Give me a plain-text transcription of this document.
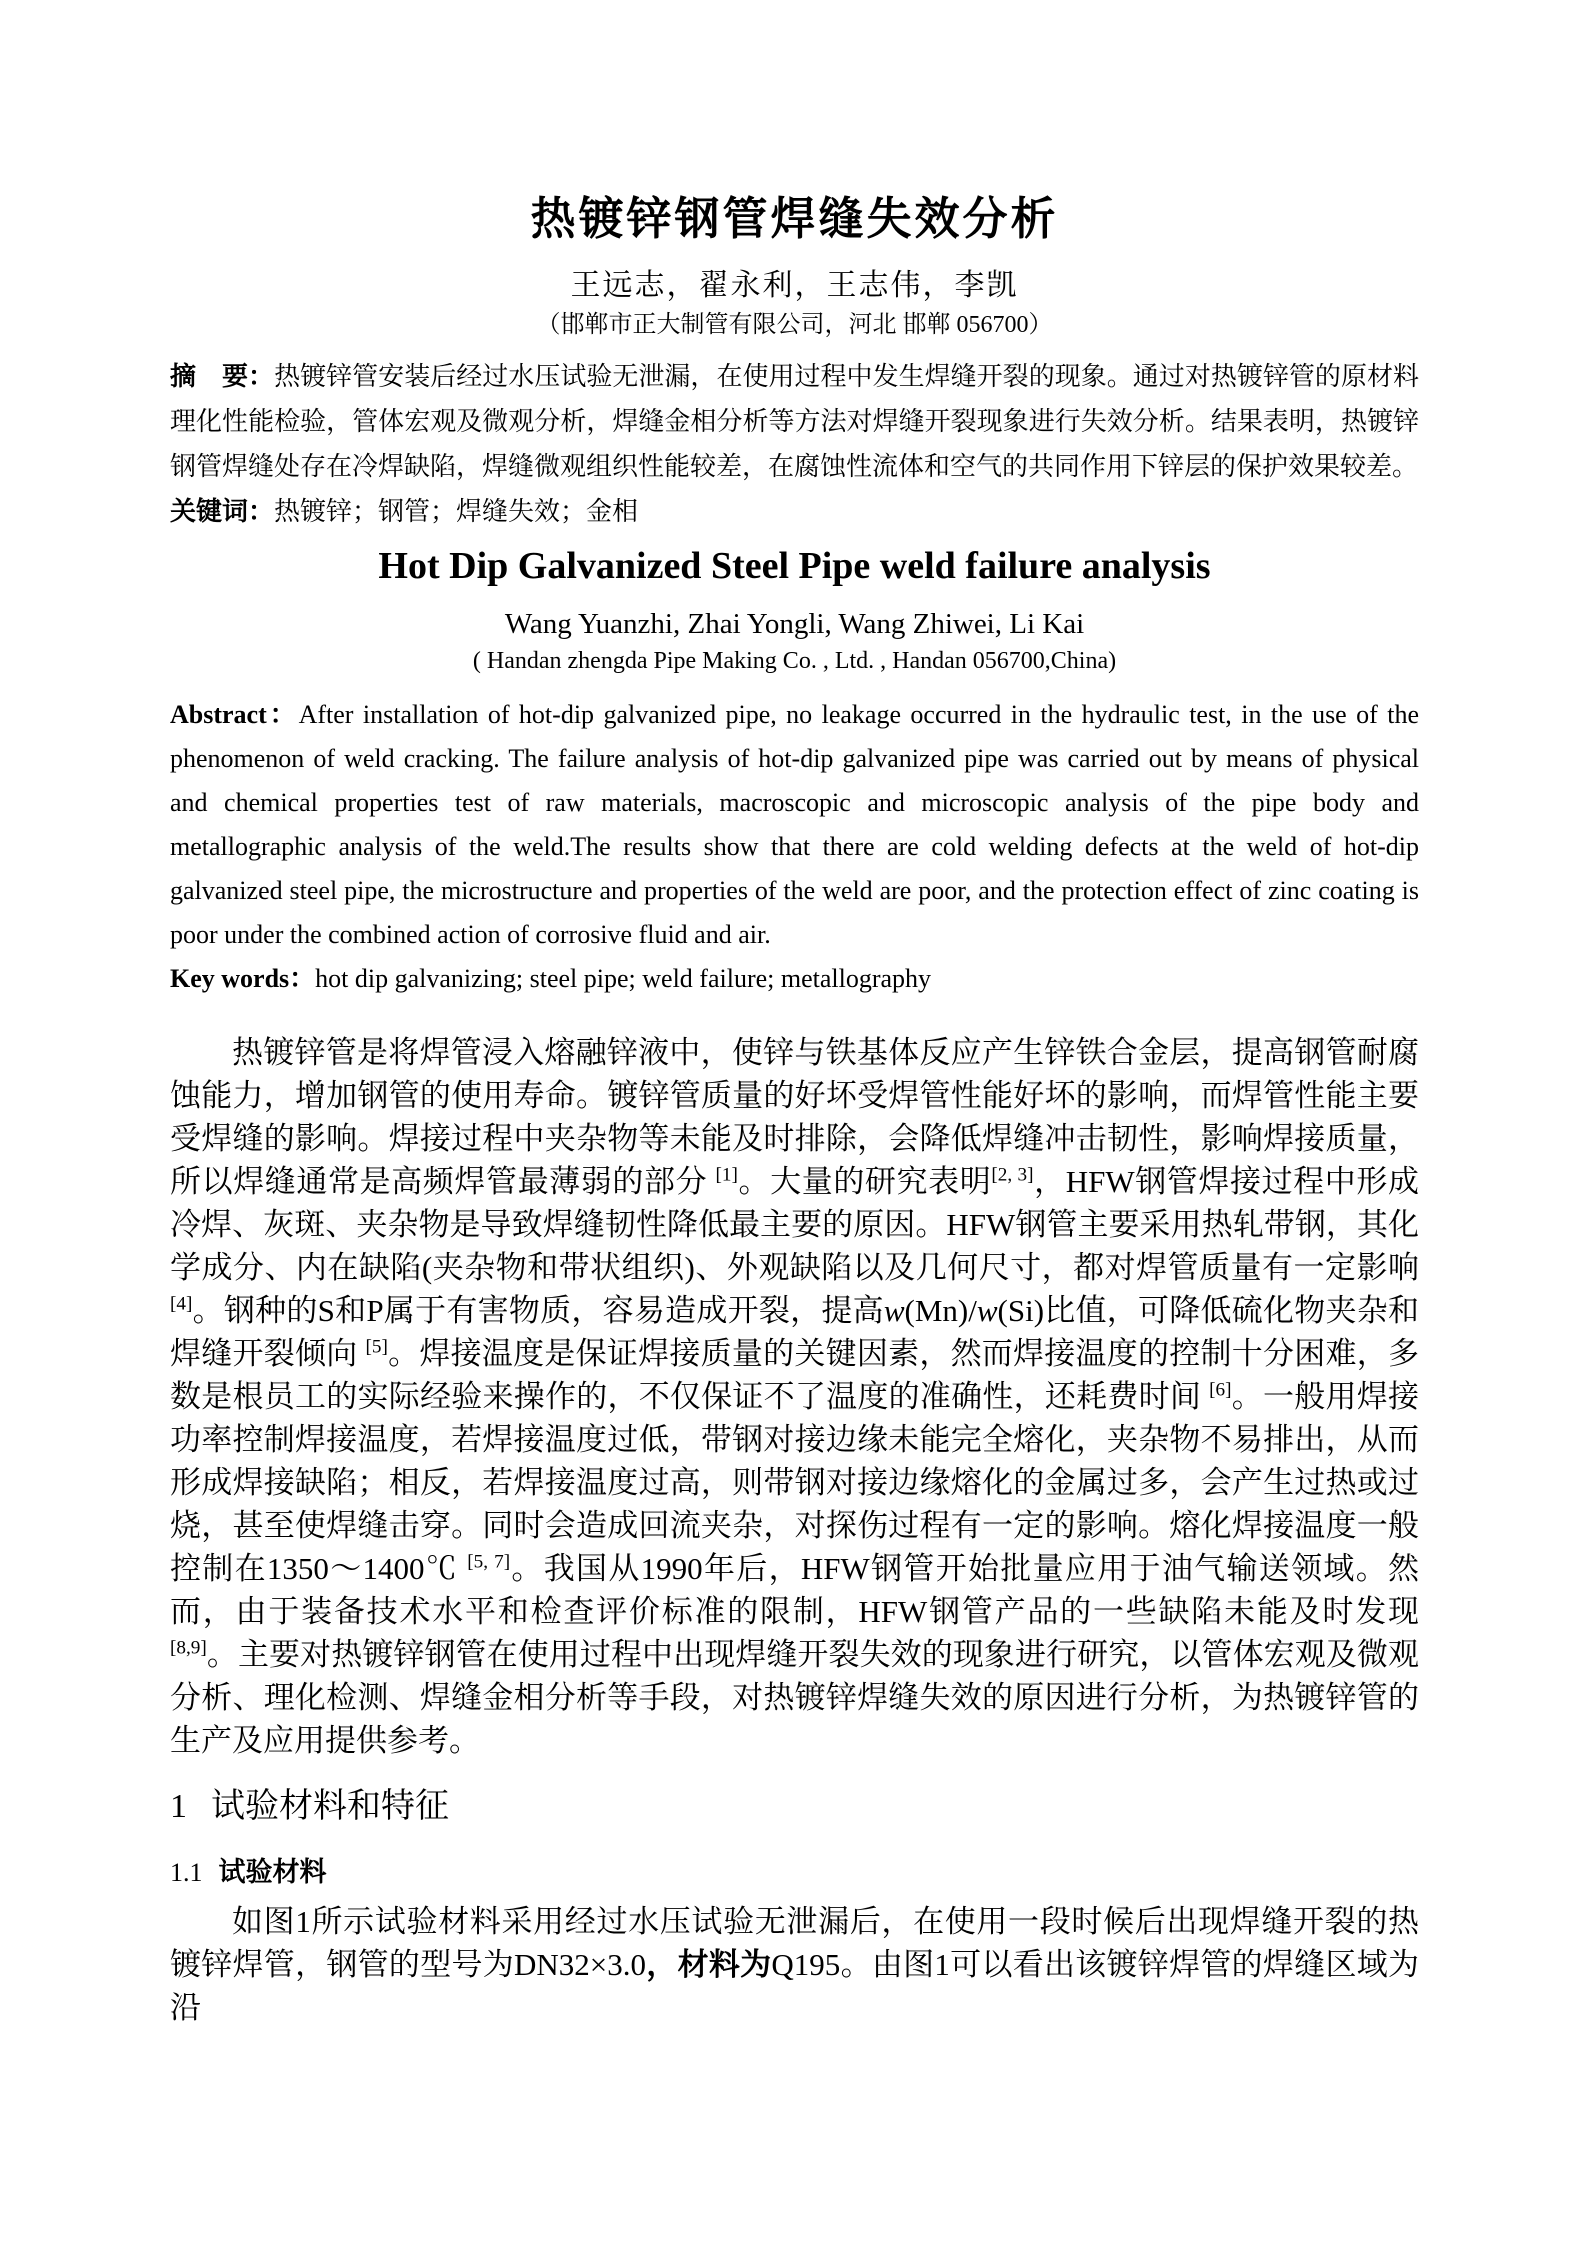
热镀锌钢管焊缝失效分析
王远志，翟永利，王志伟，李凯
（邯郸市正大制管有限公司，河北 邯郸 056700）

摘　要：热镀锌管安装后经过水压试验无泄漏，在使用过程中发生焊缝开裂的现象。通过对热镀锌管的原材料理化性能检验，管体宏观及微观分析，焊缝金相分析等方法对焊缝开裂现象进行失效分析。结果表明，热镀锌钢管焊缝处存在冷焊缺陷，焊缝微观组织性能较差，在腐蚀性流体和空气的共同作用下锌层的保护效果较差。

关键词：热镀锌；钢管；焊缝失效；金相

Hot Dip Galvanized Steel Pipe weld failure analysis
Wang Yuanzhi, Zhai Yongli, Wang Zhiwei, Li Kai
( Handan zhengda Pipe Making Co. , Ltd. , Handan 056700,China)

Abstract：After installation of hot-dip galvanized pipe, no leakage occurred in the hydraulic test, in the use of the phenomenon of weld cracking. The failure analysis of hot-dip galvanized pipe was carried out by means of physical and chemical properties test of raw materials, macroscopic and microscopic analysis of the pipe body and metallographic analysis of the weld.The results show that there are cold welding defects at the weld of hot-dip galvanized steel pipe, the microstructure and properties of the weld are poor, and the protection effect of zinc coating is poor under the combined action of corrosive fluid and air.

Key words：hot dip galvanizing; steel pipe; weld failure; metallography

热镀锌管是将焊管浸入熔融锌液中，使锌与铁基体反应产生锌铁合金层，提高钢管耐腐蚀能力，增加钢管的使用寿命。镀锌管质量的好坏受焊管性能好坏的影响，而焊管性能主要受焊缝的影响。焊接过程中夹杂物等未能及时排除，会降低焊缝冲击韧性，影响焊接质量，所以焊缝通常是高频焊管最薄弱的部分 [1]。大量的研究表明[2, 3]，HFW钢管焊接过程中形成冷焊、灰斑、夹杂物是导致焊缝韧性降低最主要的原因。HFW钢管主要采用热轧带钢，其化学成分、内在缺陷(夹杂物和带状组织)、外观缺陷以及几何尺寸，都对焊管质量有一定影响[4]。钢种的S和P属于有害物质，容易造成开裂，提高w(Mn)/w(Si)比值，可降低硫化物夹杂和焊缝开裂倾向 [5]。焊接温度是保证焊接质量的关键因素，然而焊接温度的控制十分困难，多数是根员工的实际经验来操作的，不仅保证不了温度的准确性，还耗费时间 [6]。一般用焊接功率控制焊接温度，若焊接温度过低，带钢对接边缘未能完全熔化，夹杂物不易排出，从而形成焊接缺陷；相反，若焊接温度过高，则带钢对接边缘熔化的金属过多，会产生过热或过烧，甚至使焊缝击穿。同时会造成回流夹杂，对探伤过程有一定的影响。熔化焊接温度一般控制在1350～1400℃ [5, 7]。我国从1990年后，HFW钢管开始批量应用于油气输送领域。然而，由于装备技术水平和检查评价标准的限制，HFW钢管产品的一些缺陷未能及时发现[8,9]。主要对热镀锌钢管在使用过程中出现焊缝开裂失效的现象进行研究，以管体宏观及微观分析、理化检测、焊缝金相分析等手段，对热镀锌焊缝失效的原因进行分析，为热镀锌管的生产及应用提供参考。

1 试验材料和特征
1.1 试验材料

如图1所示试验材料采用经过水压试验无泄漏后，在使用一段时候后出现焊缝开裂的热镀锌焊管，钢管的型号为DN32×3.0，材料为Q195。由图1可以看出该镀锌焊管的焊缝区域为沿
